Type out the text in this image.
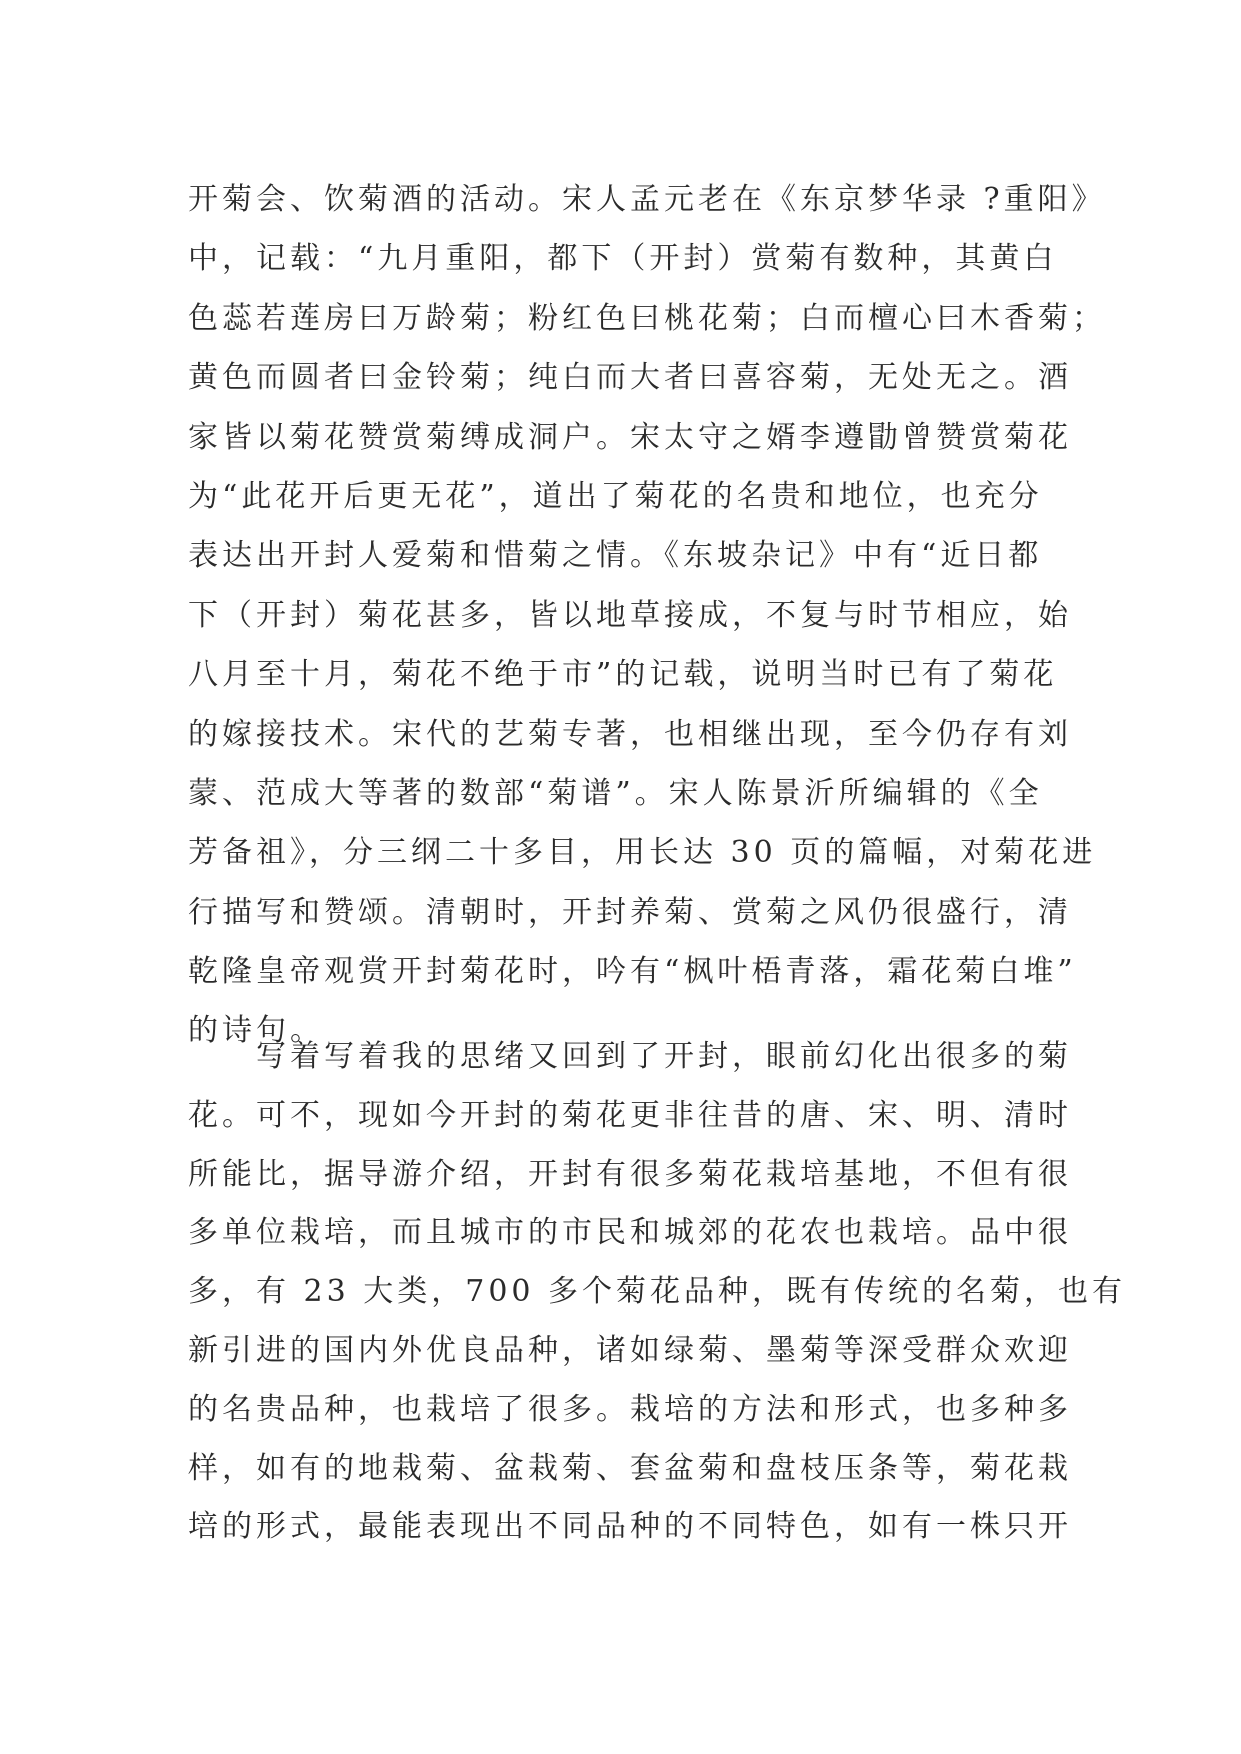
开菊会、饮菊酒的活动。宋人孟元老在《东京梦华录 ?重阳》
中，记载：“九月重阳，都下（开封）赏菊有数种，其黄白
色蕊若莲房曰万龄菊；粉红色曰桃花菊；白而檀心曰木香菊；
黄色而圆者曰金铃菊；纯白而大者曰喜容菊，无处无之。酒
家皆以菊花赞赏菊缚成洞户。宋太守之婿李遵勖曾赞赏菊花
为“此花开后更无花”，道出了菊花的名贵和地位，也充分
表达出开封人爱菊和惜菊之情。《东坡杂记》中有“近日都
下（开封）菊花甚多，皆以地草接成，不复与时节相应，始
八月至十月，菊花不绝于市”的记载，说明当时已有了菊花
的嫁接技术。宋代的艺菊专著，也相继出现，至今仍存有刘
蒙、范成大等著的数部“菊谱”。宋人陈景沂所编辑的《全
芳备祖》，分三纲二十多目，用长达 30 页的篇幅，对菊花进
行描写和赞颂。清朝时，开封养菊、赏菊之风仍很盛行，清
乾隆皇帝观赏开封菊花时，吟有“枫叶梧青落，霜花菊白堆”
的诗句。
　　写着写着我的思绪又回到了开封，眼前幻化出很多的菊
花。可不，现如今开封的菊花更非往昔的唐、宋、明、清时
所能比，据导游介绍，开封有很多菊花栽培基地，不但有很
多单位栽培，而且城市的市民和城郊的花农也栽培。品中很
多，有 23 大类，700 多个菊花品种，既有传统的名菊，也有
新引进的国内外优良品种，诸如绿菊、墨菊等深受群众欢迎
的名贵品种，也栽培了很多。栽培的方法和形式，也多种多
样，如有的地栽菊、盆栽菊、套盆菊和盘枝压条等，菊花栽
培的形式，最能表现出不同品种的不同特色，如有一株只开
